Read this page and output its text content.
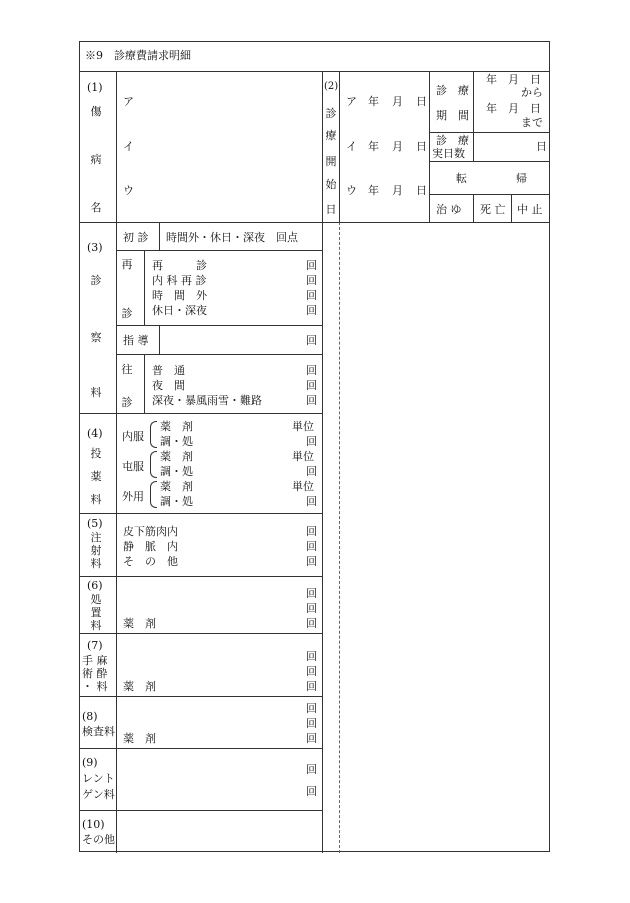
※9　診療費請求明細
(1)
傷
病
名
ア
イ
ウ
(2)
診
療
開
始
日
ア 年 月 日
イ 年 月 日
ウ 年 月 日
診　療
期　間
年　月　日
から
年　月　日
まで
診　療
実日数
日
転	帰
治 ゆ 死 亡 中 止
(3)
診
察
料
初 診 時間外・休日・深夜　回点
再
診
再　　　診
内 科 再 診
時　間　外
休日・深夜
回
回
回
回
指 導	回
往
診
普　通
夜　間
深夜・暴風雨雪・難路
回
回
回
(4)
投
薬
料
内服
薬　剤
調・処
単位
回
屯服
薬　剤
調・処
単位
回
外用
薬　剤
調・処
単位
回
(5)
注
射
料
皮下筋肉内
静　脈　内
そ　の　他
回
回
回
(6)
処
置
料 薬　剤
回
回
回
(7)
手 麻
術 酔
・ 料 薬　剤
回
回
回
(8)
検査料
薬　剤
回
回
回
(9)
レント
ゲン料
回
回
(10)
その他
